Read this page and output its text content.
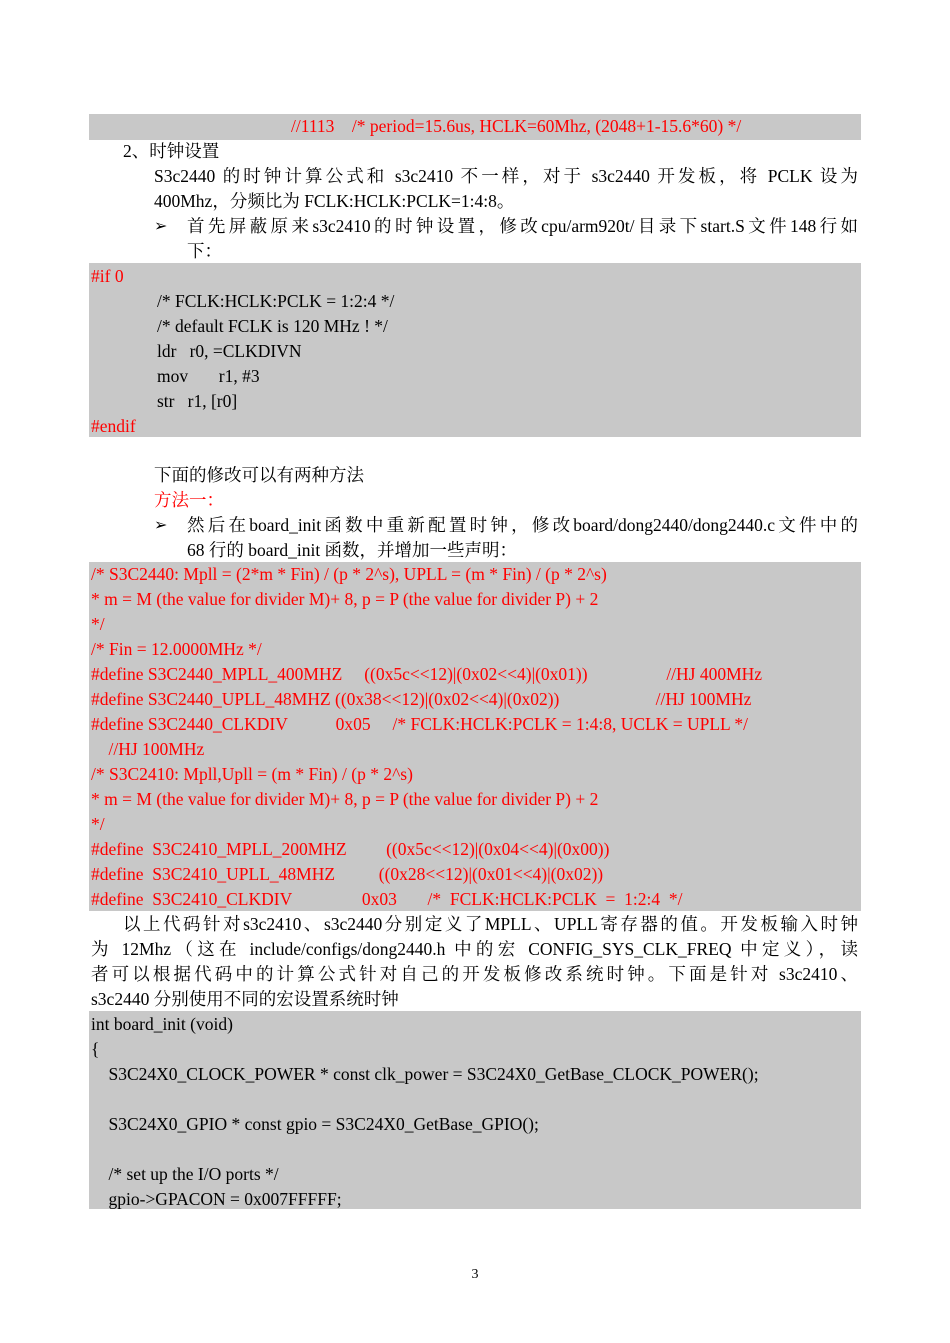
//1113    /* period=15.6us, HCLK=60Mhz, (2048+1-15.6*60) */
2、时钟设置
S3c2440 的时钟计算公式和 s3c2410 不一样，对于 s3c2440 开发板，将 PCLK 设为
400Mhz，分频比为 FCLK:HCLK:PCLK=1:4:8。
➢ 首先屏蔽原来s3c2410的时钟设置，修改cpu/arm920t/目录下start.S文件148行如
下：
#if 0
/* FCLK:HCLK:PCLK = 1:2:4 */
/* default FCLK is 120 MHz ! */
ldr   r0, =CLKDIVN
mov       r1, #3
str   r1, [r0]
#endif
下面的修改可以有两种方法
方法一：
➢ 然后在board_init函数中重新配置时钟，修改board/dong2440/dong2440.c文件中的
68 行的 board_init 函数，并增加一些声明：
/* S3C2440: Mpll = (2*m * Fin) / (p * 2^s), UPLL = (m * Fin) / (p * 2^s)
* m = M (the value for divider M)+ 8, p = P (the value for divider P) + 2
*/
/* Fin = 12.0000MHz */
#define S3C2440_MPLL_400MHZ     ((0x5c<<12)|(0x02<<4)|(0x01))                  //HJ 400MHz
#define S3C2440_UPLL_48MHZ ((0x38<<12)|(0x02<<4)|(0x02))                      //HJ 100MHz
#define S3C2440_CLKDIV           0x05     /* FCLK:HCLK:PCLK = 1:4:8, UCLK = UPLL */
//HJ 100MHz
/* S3C2410: Mpll,Upll = (m * Fin) / (p * 2^s)
* m = M (the value for divider M)+ 8, p = P (the value for divider P) + 2
*/
#define  S3C2410_MPLL_200MHZ         ((0x5c<<12)|(0x04<<4)|(0x00))
#define  S3C2410_UPLL_48MHZ          ((0x28<<12)|(0x01<<4)|(0x02))
#define  S3C2410_CLKDIV                0x03       /*  FCLK:HCLK:PCLK  =  1:2:4  */
以上代码针对s3c2410、s3c2440分别定义了MPLL、UPLL寄存器的值。开发板输入时钟
为 12Mhz（这在 include/configs/dong2440.h 中的宏 CONFIG_SYS_CLK_FREQ 中定义），读
者可以根据代码中的计算公式针对自己的开发板修改系统时钟。下面是针对 s3c2410、
s3c2440 分别使用不同的宏设置系统时钟
int board_init (void)
{
S3C24X0_CLOCK_POWER * const clk_power = S3C24X0_GetBase_CLOCK_POWER();
S3C24X0_GPIO * const gpio = S3C24X0_GetBase_GPIO();
/* set up the I/O ports */
gpio->GPACON = 0x007FFFFF;
3
